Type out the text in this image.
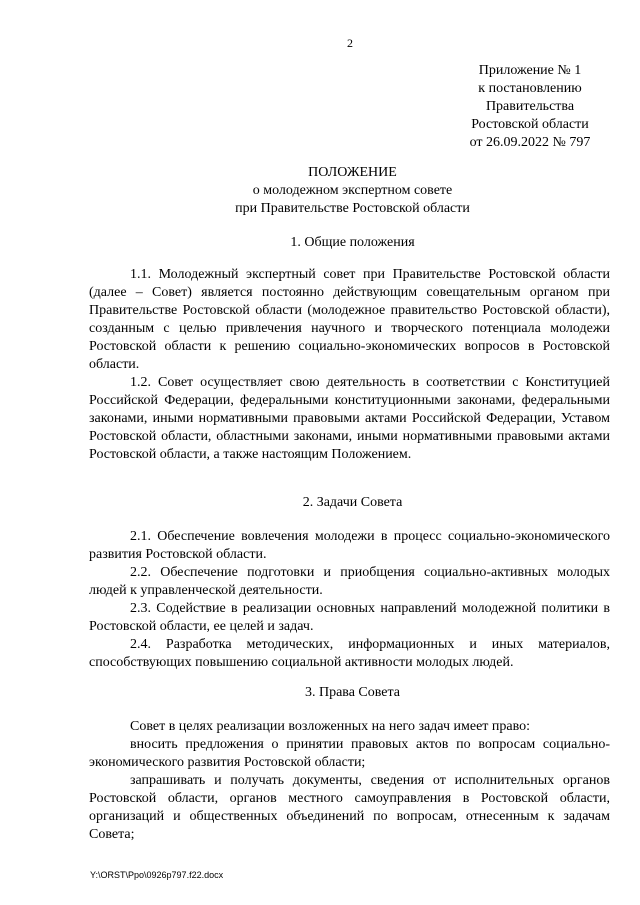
2
Приложение № 1
к постановлению
Правительства
Ростовской области
от 26.09.2022 № 797
ПОЛОЖЕНИЕ
о молодежном экспертном совете
при Правительстве Ростовской области
1. Общие положения

1.1. Молодежный экспертный совет при Правительстве Ростовской области (далее – Совет) является постоянно действующим совещательным органом при Правительстве Ростовской области (молодежное правительство Ростовской области), созданным с целью привлечения научного и творческого потенциала молодежи Ростовской области к решению социально-экономических вопросов в Ростовской области.

1.2. Совет осуществляет свою деятельность в соответствии с Конституцией Российской Федерации, федеральными конституционными законами, федеральными законами, иными нормативными правовыми актами Российской Федерации, Уставом Ростовской области, областными законами, иными нормативными правовыми актами Ростовской области, а также настоящим Положением.

2. Задачи Совета

2.1. Обеспечение вовлечения молодежи в процесс социально-экономического развития Ростовской области.

2.2. Обеспечение подготовки и приобщения социально-активных молодых людей к управленческой деятельности.

2.3. Содействие в реализации основных направлений молодежной политики в Ростовской области, ее целей и задач.

2.4. Разработка методических, информационных и иных материалов, способствующих повышению социальной активности молодых людей.

3. Права Совета

Совет в целях реализации возложенных на него задач имеет право:

вносить предложения о принятии правовых актов по вопросам социально-экономического развития Ростовской области;

запрашивать и получать документы, сведения от исполнительных органов Ростовской области, органов местного самоуправления в Ростовской области, организаций и общественных объединений по вопросам, отнесенным к задачам Совета;

Y:\ORST\Ppo\0926p797.f22.docx
